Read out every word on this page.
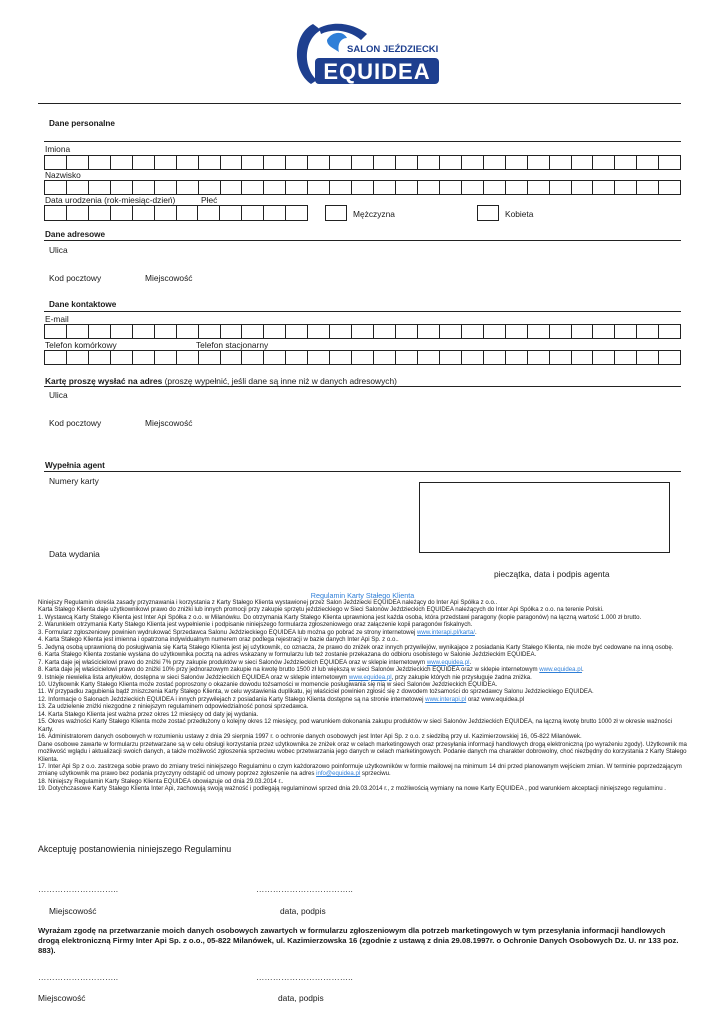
SALON JEŹDZIECKI
EQUIDEA
Dane personalne
Imiona
Nazwisko
Data urodzenia (rok-miesiąc-dzień)	Płeć
Mężczyzna	Kobieta
Dane adresowe
Ulica
Kod pocztowy	Miejscowość
Dane kontaktowe
E-mail
Telefon komórkowy	Telefon stacjonarny
Kartę proszę wysłać na adres (proszę wypełnić, jeśli dane są inne niż w danych adresowych)
Ulica
Kod pocztowy	Miejscowość
Wypełnia agent
Numery karty
Data wydania
pieczątka, data i podpis agenta
Regulamin Karty Stałego Klienta

Niniejszy Regulamin określa zasady przyznawania i korzystania z Karty Stałego Klienta wystawionej przez Salon Jeździecki EQUIDEA należący do Inter Api Spółka z o.o..

Karta Stałego Klienta daje użytkownikowi prawo do zniżki lub innych promocji przy zakupie sprzętu jeździeckiego w Sieci Salonów Jeździeckich EQUIDEA należących do Inter Api Spółka z o.o. na terenie Polski.

1. Wystawcą Karty Stałego Klienta jest Inter Api Spółka z o.o. w Milanówku. Do otrzymania Karty Stałego Klienta uprawniona jest każda osoba, która przedstawi paragony (kopie paragonów) na łączną wartość 1.000 zł brutto.

2. Warunkiem otrzymania Karty Stałego Klienta jest wypełnienie i podpisanie niniejszego formularza zgłoszeniowego oraz załączenie kopii paragonów fiskalnych.

3. Formularz zgłoszeniowy powinien wydrukować Sprzedawca Salonu Jeździeckiego EQUIDEA lub można go pobrać ze strony internetowej www.interapi.pl/karta/.

4. Karta Stałego Klienta jest imienna i opatrzona indywidualnym numerem oraz podlega rejestracji w bazie danych Inter Api Sp. z o.o..

5. Jedyną osobą uprawnioną do posługiwania się Kartą Stałego Klienta jest jej użytkownik, co oznacza, że prawo do zniżek oraz innych przywilejów, wynikające z posiadania Karty Stałego Klienta, nie może być cedowane na inną osobę.

6. Karta Stałego Klienta zostanie wysłana do użytkownika pocztą na adres wskazany w formularzu lub też zostanie przekazana do odbioru osobistego w Salonie Jeździeckim EQUIDEA.

7. Karta daje jej właścicielowi prawo do zniżki 7% przy zakupie produktów w sieci Salonów Jeździeckich EQUIDEA oraz w sklepie internetowym www.equidea.pl.

8. Karta daje jej właścicielowi prawo do zniżki 10% przy jednorazowym zakupie na kwotę brutto 1500 zł lub większą w sieci Salonów Jeździeckich EQUIDEA oraz w sklepie internetowym www.equidea.pl.

9. Istnieje niewielka lista artykułów, dostępna w sieci Salonów Jeździeckich EQUIDEA oraz w sklepie internetowym www.equidea.pl, przy zakupie których nie przysługuje żadna zniżka.

10. Użytkownik Karty Stałego Klienta może zostać poproszony o okazanie dowodu tożsamości w momencie posługiwania się nią w sieci Salonów Jeździeckich EQUIDEA.

11. W przypadku zagubienia bądź zniszczenia Karty Stałego Klienta, w celu wystawienia duplikatu, jej właściciel powinien zgłosić się z dowodem tożsamości do sprzedawcy Salonu Jeździeckiego EQUIDEA.

12. Informacje o Salonach Jeździeckich EQUIDEA i innych przywilejach z posiadania Karty Stałego Klienta dostępne są na stronie internetowej www.interapi.pl oraz www.equidea.pl

13. Za udzielenie zniżki niezgodne z niniejszym regulaminem odpowiedzialność ponosi sprzedawca.

14. Karta Stałego Klienta jest ważna przez okres 12 miesięcy od daty jej wydania.

15. Okres ważności Karty Stałego Klienta może zostać przedłużony o kolejny okres 12 miesięcy, pod warunkiem dokonania zakupu produktów w sieci Salonów Jeździeckich EQUIDEA, na łączną kwotę brutto 1000 zł w okresie ważności Karty.

16. Administratorem danych osobowych w rozumieniu ustawy z dnia 29 sierpnia 1997 r. o ochronie danych osobowych jest Inter Api Sp. z o.o. z siedzibą przy ul. Kazimierzowskiej 16, 05-822 Milanówek.

Dane osobowe zawarte w formularzu przetwarzane są w celu obsługi korzystania przez użytkownika ze zniżek oraz w celach marketingowych oraz przesyłania informacji handlowych drogą elektroniczną (po wyrażeniu zgody). Użytkownik ma możliwość wglądu i aktualizacji swoich danych, a także możliwość zgłoszenia sprzeciwu wobec przetwarzania jego danych w celach marketingowych. Podanie danych ma charakter dobrowolny, choć niezbędny do korzystania z Karty Stałego Klienta.

17. Inter Api Sp z o.o. zastrzega sobie prawo do zmiany treści niniejszego Regulaminu o czym każdorazowo poinformuje użytkowników w formie mailowej na minimum 14 dni przed planowanym wejściem zmian. W terminie poprzedzającym zmianę użytkownik ma prawo bez podania przyczyny odstąpić od umowy poprzez zgłoszenie na adres info@equidea.pl sprzeciwu.

18. Niniejszy Regulamin Karty Stałego Klienta EQUIDEA obowiązuje od dnia 29.03.2014 r..

19. Dotychczasowe Karty Stałego Klienta Inter Api, zachowują swoją ważność i podlegają regulaminowi sprzed dnia 29.03.2014 r., z możliwością wymiany na nowe Karty EQUIDEA , pod warunkiem akceptacji niniejszego regulaminu .

Akceptuję postanowienia niniejszego Regulaminu
………………………..	……………………………..
Miejscowość	data, podpis
Wyrażam zgodę na przetwarzanie moich danych osobowych zawartych w formularzu zgłoszeniowym dla potrzeb marketingowych w tym przesyłania informacji handlowych drogą elektroniczną Firmy Inter Api Sp. z o.o., 05-822 Milanówek, ul. Kazimierzowska 16 (zgodnie z ustawą z dnia 29.08.1997r. o Ochronie Danych Osobowych Dz. U. nr 133 poz. 883).
………………………..	……………………………..
Miejscowość	data, podpis
